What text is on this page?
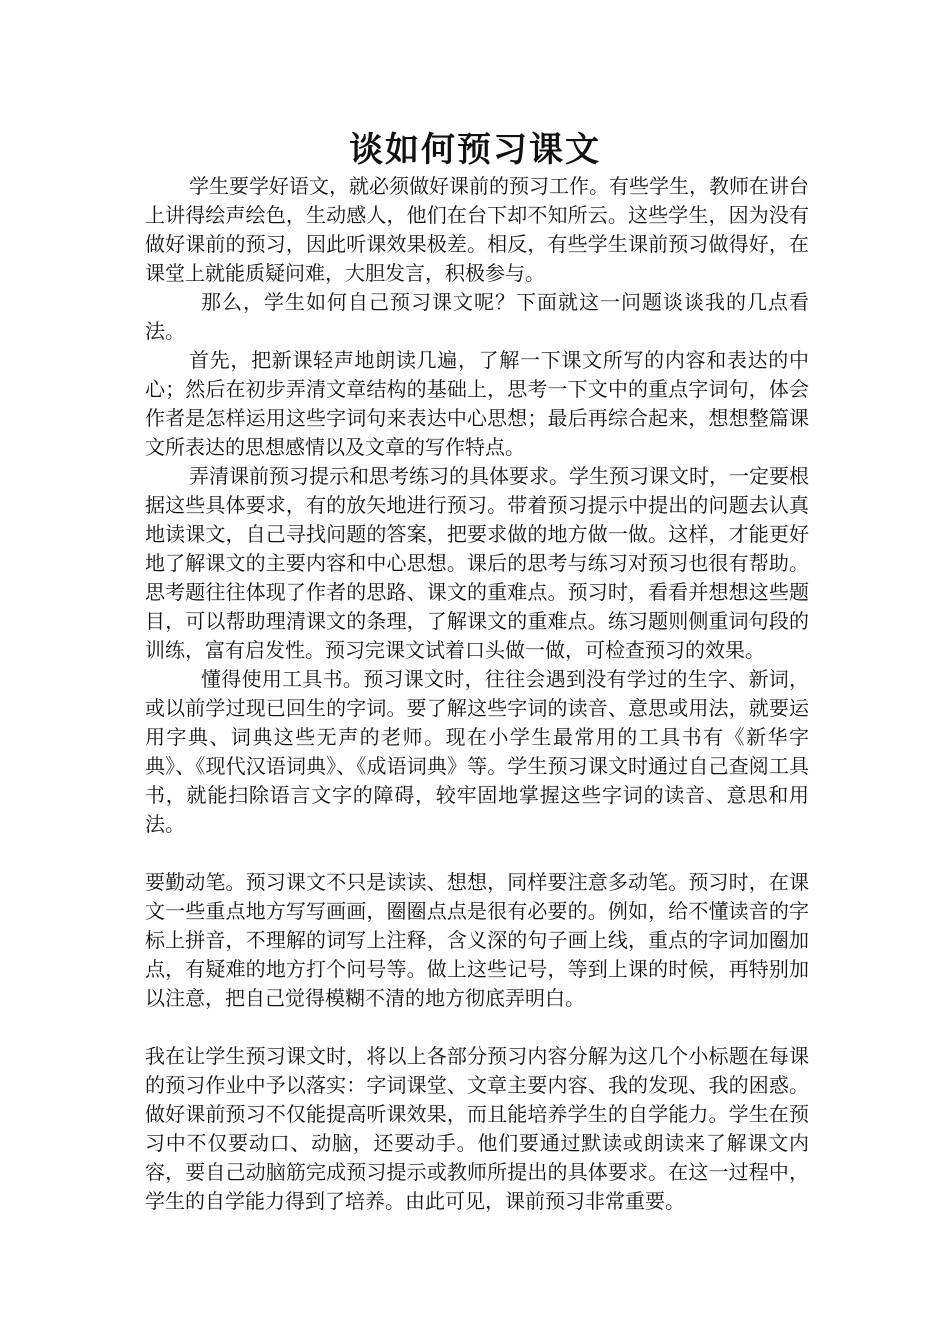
谈如何预习课文

学生要学好语文，就必须做好课前的预习工作。有些学生，教师在讲台上讲得绘声绘色，生动感人，他们在台下却不知所云。这些学生，因为没有做好课前的预习，因此听课效果极差。相反，有些学生课前预习做得好，在课堂上就能质疑问难，大胆发言，积极参与。

那么，学生如何自己预习课文呢？下面就这一问题谈谈我的几点看法。

首先，把新课轻声地朗读几遍，了解一下课文所写的内容和表达的中心；然后在初步弄清文章结构的基础上，思考一下文中的重点字词句，体会作者是怎样运用这些字词句来表达中心思想；最后再综合起来，想想整篇课文所表达的思想感情以及文章的写作特点。

弄清课前预习提示和思考练习的具体要求。学生预习课文时，一定要根据这些具体要求，有的放矢地进行预习。带着预习提示中提出的问题去认真地读课文，自己寻找问题的答案，把要求做的地方做一做。这样，才能更好地了解课文的主要内容和中心思想。课后的思考与练习对预习也很有帮助。思考题往往体现了作者的思路、课文的重难点。预习时，看看并想想这些题目，可以帮助理清课文的条理，了解课文的重难点。练习题则侧重词句段的训练，富有启发性。预习完课文试着口头做一做，可检查预习的效果。

懂得使用工具书。预习课文时，往往会遇到没有学过的生字、新词，或以前学过现已回生的字词。要了解这些字词的读音、意思或用法，就要运用字典、词典这些无声的老师。现在小学生最常用的工具书有《新华字典》、《现代汉语词典》、《成语词典》等。学生预习课文时通过自己查阅工具书，就能扫除语言文字的障碍，较牢固地掌握这些字词的读音、意思和用法。

要勤动笔。预习课文不只是读读、想想，同样要注意多动笔。预习时，在课文一些重点地方写写画画，圈圈点点是很有必要的。例如，给不懂读音的字标上拼音，不理解的词写上注释，含义深的句子画上线，重点的字词加圈加点，有疑难的地方打个问号等。做上这些记号，等到上课的时候，再特别加以注意，把自己觉得模糊不清的地方彻底弄明白。

我在让学生预习课文时，将以上各部分预习内容分解为这几个小标题在每课的预习作业中予以落实：字词课堂、文章主要内容、我的发现、我的困惑。做好课前预习不仅能提高听课效果，而且能培养学生的自学能力。学生在预习中不仅要动口、动脑，还要动手。他们要通过默读或朗读来了解课文内容，要自己动脑筋完成预习提示或教师所提出的具体要求。在这一过程中，学生的自学能力得到了培养。由此可见，课前预习非常重要。
